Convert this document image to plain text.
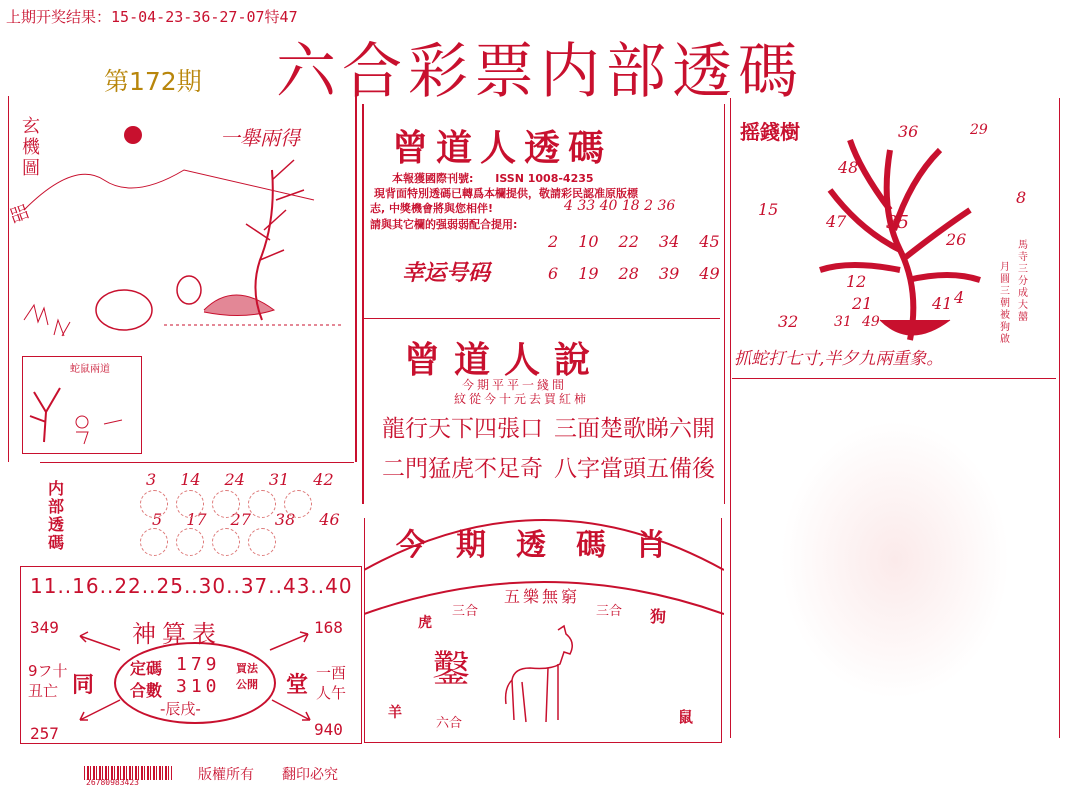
上期开奖结果：15-04-23-36-27-07特47
第172期 六合彩票内部透碼
玄機圖
一舉兩得
㗊
蛇鼠兩道
内部透碼
3 14 24 31 42
5 17 27 38 46
11..16..22..25..30..37..43..40
神算表
349	168
257	940
9フ十
丑亡 同	堂 一酉
人午
定碼 179
合數 310
買法
公開
-辰戌-
曾道人透碼
本報獲國際刊號: ISSN 1008-4235
現背面特別透碼已轉爲本欄提供，敬請彩民認准原版標
志, 中獎機會將與您相伴!
請與其它欄的强弱弱配合提用:
4 33 40 18 2 36
幸运号码
2 10 22 34 45
6 19 28 39 49
曾道人說
今期平平一綫間
紋從今十元去買紅柿
龍行天下四張口 三面楚歌睇六開
二門猛虎不足奇 八字當頭五備後
今期透碼肖
虎
三合
五樂無窮
三合 狗
羊
六合	鼠
鑿
摇錢樹	36	29
48
8
15
47 35
26
12
21	41 4
32	31 49
馬寺三分成大囍
月圓三朝被狗啟
抓蛇打七寸,半夕九兩重象。
26780983423	版權所有 翻印必究
